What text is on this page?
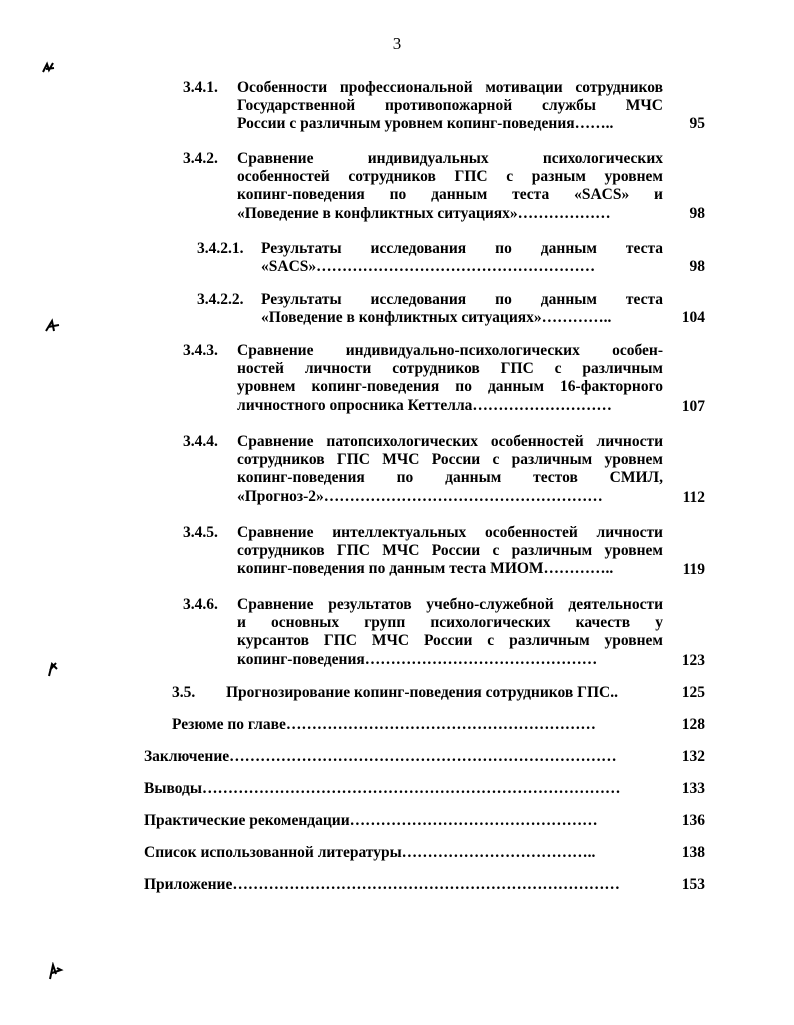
3
3.4.1. Особенности профессиональной мотивации сотрудников
Государственной противопожарной службы МЧС
России с различным уровнем копинг-поведения……..	95
3.4.2. Сравнение индивидуальных психологических
особенностей сотрудников ГПС с разным уровнем
копинг-поведения по данным теста «SACS» и
«Поведение в конфликтных ситуациях»………………	98
3.4.2.1. Результаты исследования по данным теста
«SACS»………………………………………………	98
3.4.2.2. Результаты исследования по данным теста
«Поведение в конфликтных ситуациях»…………..	104
3.4.3. Сравнение индивидуально-психологических особен-
ностей личности сотрудников ГПС с различным
уровнем копинг-поведения по данным 16-факторного
личностного опросника Кеттелла………………………	107
3.4.4. Сравнение патопсихологических особенностей личности
сотрудников ГПС МЧС России с различным уровнем
копинг-поведения по данным тестов СМИЛ,
«Прогноз-2»………………………………………………	112
3.4.5. Сравнение интеллектуальных особенностей личности
сотрудников ГПС МЧС России с различным уровнем
копинг-поведения по данным теста МИОМ…………..	119
3.4.6. Сравнение результатов учебно-служебной деятельности
и основных групп психологических качеств у
курсантов ГПС МЧС России с различным уровнем
копинг-поведения………………………………………	123
3.5. Прогнозирование копинг-поведения сотрудников ГПС..	125
Резюме по главе……………………………………………………	128
Заключение…………………………………………………………………	132
Выводы………………………………………………………………………	133
Практические рекомендации…………………………………………	136
Список использованной литературы………………………………..	138
Приложение…………………………………………………………………	153
